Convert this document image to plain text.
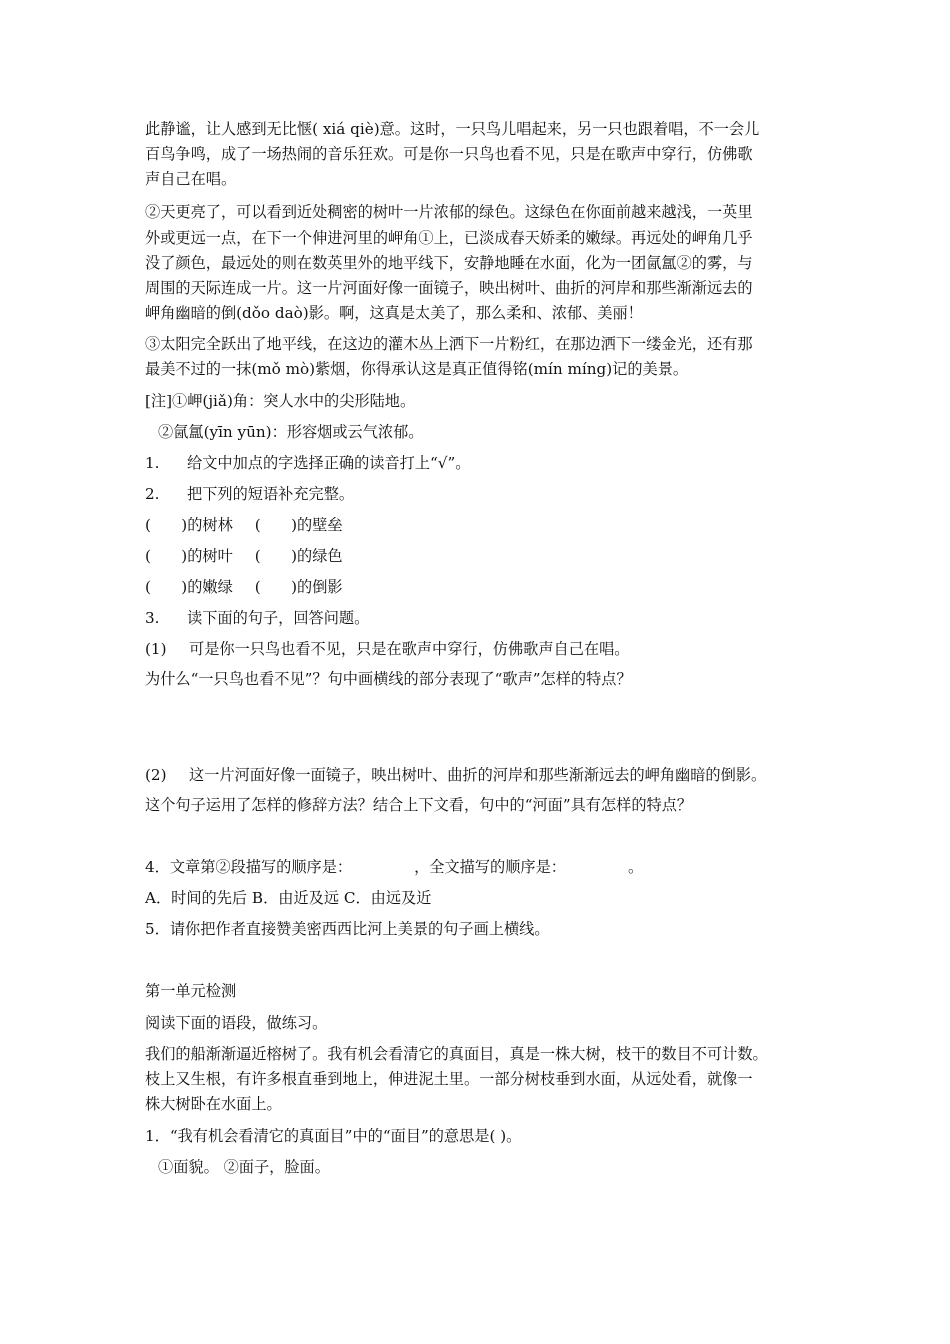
此静谧，让人感到无比惬( xiá qiè)意。这时，一只鸟儿唱起来，另一只也跟着唱，不一会儿
百鸟争鸣，成了一场热闹的音乐狂欢。可是你一只鸟也看不见，只是在歌声中穿行，仿佛歌
声自己在唱。
②天更亮了，可以看到近处稠密的树叶一片浓郁的绿色。这绿色在你面前越来越浅，一英里
外或更远一点，在下一个伸进河里的岬角①上，已淡成春天娇柔的嫩绿。再远处的岬角几乎
没了颜色，最远处的则在数英里外的地平线下，安静地睡在水面，化为一团氤氲②的雾，与
周围的天际连成一片。这一片河面好像一面镜子，映出树叶、曲折的河岸和那些渐渐远去的
岬角幽暗的倒(dǒo daò)影。啊，这真是太美了，那么柔和、浓郁、美丽！
③太阳完全跃出了地平线，在这边的灌木丛上洒下一片粉红，在那边洒下一缕金光，还有那
最美不过的一抹(mǒ mò)紫烟，你得承认这是真正值得铭(mín míng)记的美景。
[注]①岬(jiǎ)角：突人水中的尖形陆地。
②氤氲(yīn yūn)：形容烟或云气浓郁。
1. 给文中加点的字选择正确的读音打上“√”。
2. 把下列的短语补充完整。
(　　)的树林 (　　)的壁垒
(　　)的树叶 (　　)的绿色
(　　)的嫩绿 (　　)的倒影
3. 读下面的句子，回答问题。
(1) 可是你一只鸟也看不见，只是在歌声中穿行，仿佛歌声自己在唱。
为什么“一只鸟也看不见”？句中画横线的部分表现了“歌声”怎样的特点？
(2) 这一片河面好像一面镜子，映出树叶、曲折的河岸和那些渐渐远去的岬角幽暗的倒影。
这个句子运用了怎样的修辞方法？结合上下文看，句中的“河面”具有怎样的特点？
4．文章第②段描写的顺序是：	，全文描写的顺序是：	。
A．时间的先后 B．由近及远 C．由远及近
5．请你把作者直接赞美密西西比河上美景的句子画上横线。
第一单元检测
阅读下面的语段，做练习。
我们的船渐渐逼近榕树了。我有机会看清它的真面目，真是一株大树，枝干的数目不可计数。
枝上又生根，有许多根直垂到地上，伸进泥土里。一部分树枝垂到水面，从远处看，就像一
株大树卧在水面上。
1．“我有机会看清它的真面目”中的“面目”的意思是( )。
①面貌。 ②面子，脸面。
